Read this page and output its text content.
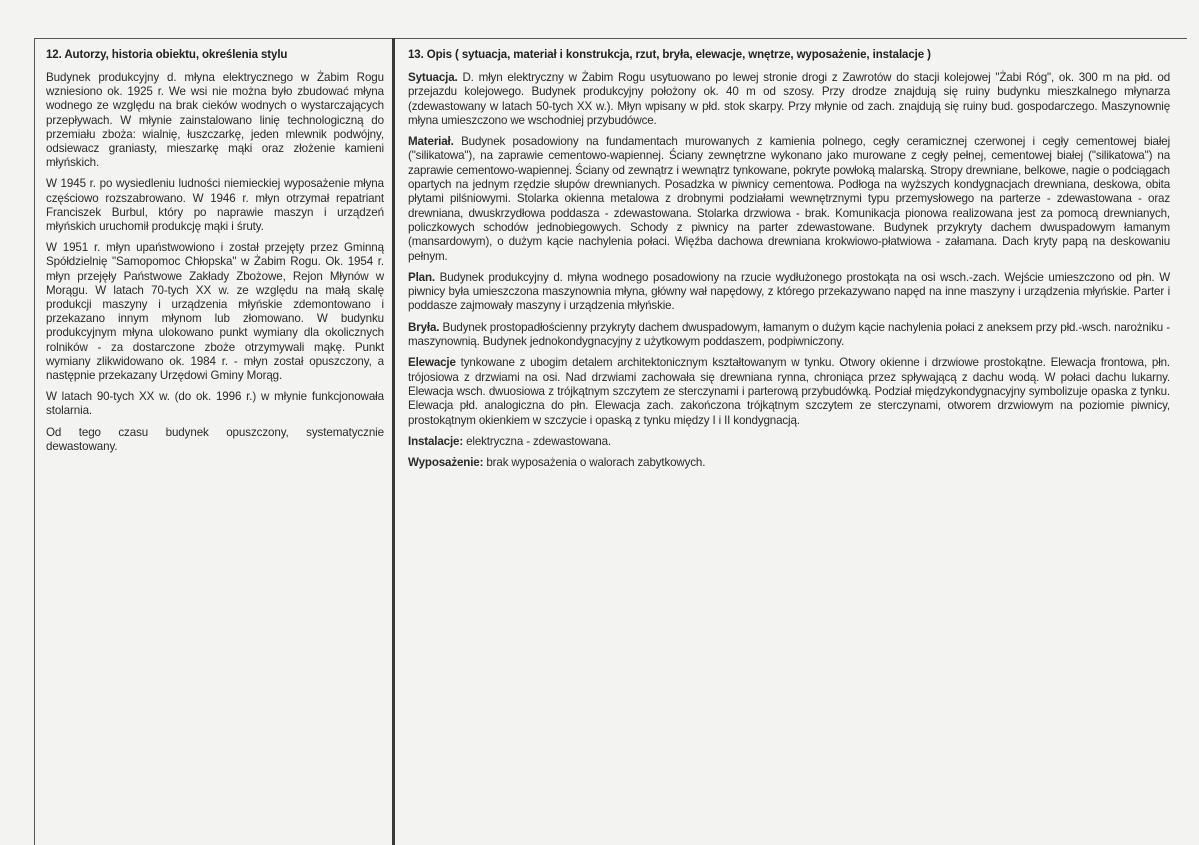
12. Autorzy, historia obiektu, określenia stylu

Budynek produkcyjny d. młyna elektrycznego w Żabim Rogu wzniesiono ok. 1925 r. We wsi nie można było zbudować młyna wodnego ze względu na brak cieków wodnych o wystarczających przepływach. W młynie zainstalowano linię technologiczną do przemiału zboża: wialnię, łuszczarkę, jeden mlewnik podwójny, odsiewacz graniasty, mieszarkę mąki oraz złożenie kamieni młyńskich.

W 1945 r. po wysiedleniu ludności niemieckiej wyposażenie młyna częściowo rozszabrowano. W 1946 r. młyn otrzymał repatriant Franciszek Burbul, który po naprawie maszyn i urządzeń młyńskich uruchomił produkcję mąki i śruty.

W 1951 r. młyn upaństwowiono i został przejęty przez Gminną Spółdzielnię "Samopomoc Chłopska" w Żabim Rogu. Ok. 1954 r. młyn przejęły Państwowe Zakłady Zbożowe, Rejon Młynów w Morągu. W latach 70-tych XX w. ze względu na małą skalę produkcji maszyny i urządzenia młyńskie zdemontowano i przekazano innym młynom lub złomowano. W budynku produkcyjnym młyna ulokowano punkt wymiany dla okolicznych rolników - za dostarczone zboże otrzymywali mąkę. Punkt wymiany zlikwidowano ok. 1984 r. - młyn został opuszczony, a następnie przekazany Urzędowi Gminy Morąg.

W latach 90-tych XX w. (do ok. 1996 r.) w młynie funkcjonowała stolarnia.

Od tego czasu budynek opuszczony, systematycznie dewastowany.

13. Opis ( sytuacja, materiał i konstrukcja, rzut, bryła, elewacje, wnętrze, wyposażenie, instalacje )

Sytuacja. D. młyn elektryczny w Żabim Rogu usytuowano po lewej stronie drogi z Zawrotów do stacji kolejowej "Żabi Róg", ok. 300 m na płd. od przejazdu kolejowego. Budynek produkcyjny położony ok. 40 m od szosy. Przy drodze znajdują się ruiny budynku mieszkalnego młynarza (zdewastowany w latach 50-tych XX w.). Młyn wpisany w płd. stok skarpy. Przy młynie od zach. znajdują się ruiny bud. gospodarczego. Maszynownię młyna umieszczono we wschodniej przybudówce.

Materiał. Budynek posadowiony na fundamentach murowanych z kamienia polnego, cegły ceramicznej czerwonej i cegły cementowej białej ("silikatowa"), na zaprawie cementowo-wapiennej. Ściany zewnętrzne wykonano jako murowane z cegły pełnej, cementowej białej ("silikatowa") na zaprawie cementowo-wapiennej. Ściany od zewnątrz i wewnątrz tynkowane, pokryte powłoką malarską. Stropy drewniane, belkowe, nagie o podciągach opartych na jednym rzędzie słupów drewnianych. Posadzka w piwnicy cementowa. Podłoga na wyższych kondygnacjach drewniana, deskowa, obita płytami pilśniowymi. Stolarka okienna metalowa z drobnymi podziałami wewnętrznymi typu przemysłowego na parterze - zdewastowana - oraz drewniana, dwuskrzydłowa poddasza - zdewastowana. Stolarka drzwiowa - brak. Komunikacja pionowa realizowana jest za pomocą drewnianych, policzkowych schodów jednobiegowych. Schody z piwnicy na parter zdewastowane. Budynek przykryty dachem dwuspadowym łamanym (mansardowym), o dużym kącie nachylenia połaci. Więźba dachowa drewniana krokwiowo-płatwiowa - załamana. Dach kryty papą na deskowaniu pełnym.

Plan. Budynek produkcyjny d. młyna wodnego posadowiony na rzucie wydłużonego prostokąta na osi wsch.-zach. Wejście umieszczono od płn. W piwnicy była umieszczona maszynownia młyna, główny wał napędowy, z którego przekazywano napęd na inne maszyny i urządzenia młyńskie. Parter i poddasze zajmowały maszyny i urządzenia młyńskie.

Bryła. Budynek prostopadłościenny przykryty dachem dwuspadowym, łamanym o dużym kącie nachylenia połaci z aneksem przy płd.-wsch. narożniku - maszynownią. Budynek jednokondygnacyjny z użytkowym poddaszem, podpiwniczony.

Elewacje tynkowane z ubogim detalem architektonicznym kształtowanym w tynku. Otwory okienne i drzwiowe prostokątne. Elewacja frontowa, płn. trójosiowa z drzwiami na osi. Nad drzwiami zachowała się drewniana rynna, chroniąca przez spływającą z dachu wodą. W połaci dachu lukarny. Elewacja wsch. dwuosiowa z trójkątnym szczytem ze sterczynami i parterową przybudówką. Podział międzykondygnacyjny symbolizuje opaska z tynku. Elewacja płd. analogiczna do płn. Elewacja zach. zakończona trójkątnym szczytem ze sterczynami, otworem drzwiowym na poziomie piwnicy, prostokątnym okienkiem w szczycie i opaską z tynku między I i II kondygnacją.

Instalacje: elektryczna - zdewastowana.

Wyposażenie: brak wyposażenia o walorach zabytkowych.
